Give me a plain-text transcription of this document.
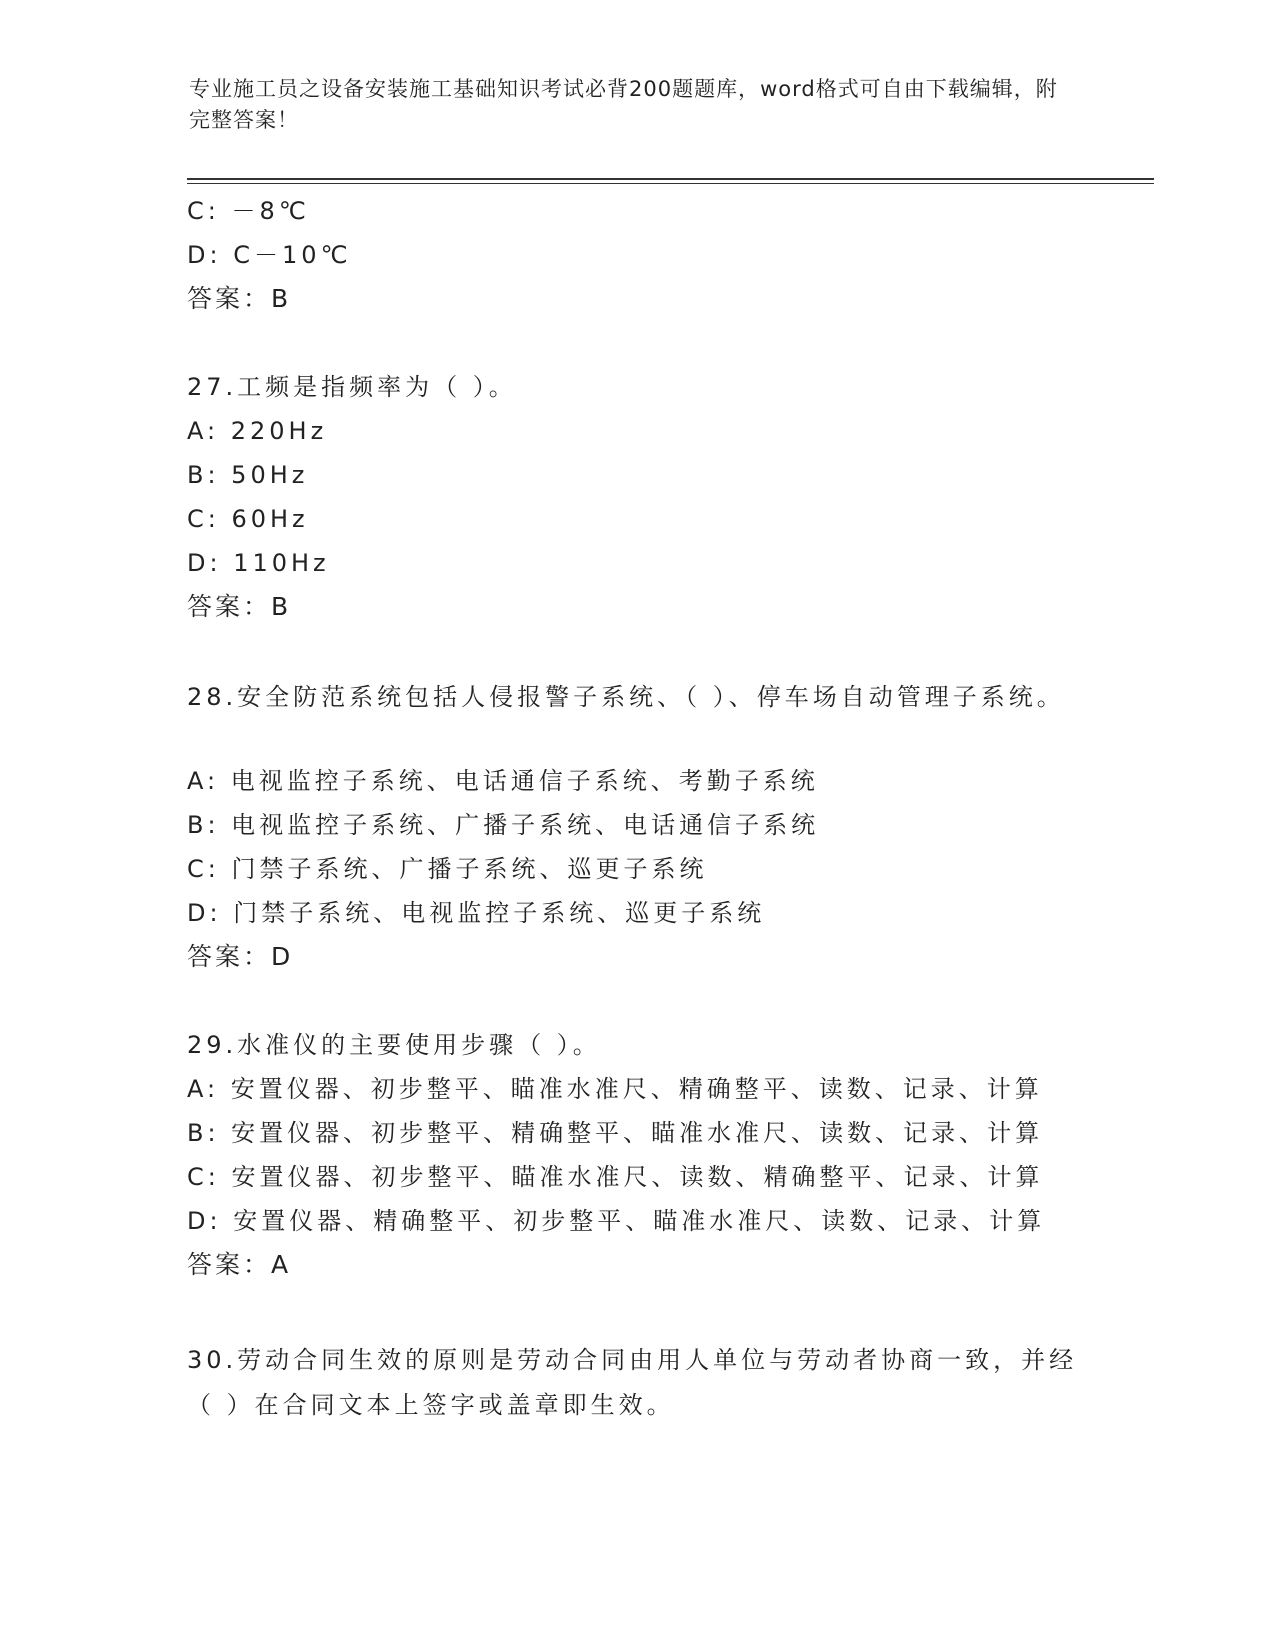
专业施工员之设备安装施工基础知识考试必背200题题库，word格式可自由下载编辑，附完整答案！
C: －8℃
D: C－10℃
答案：B
27.工频是指频率为（ ）。
A: 220Hz
B: 50Hz
C: 60Hz
D: 110Hz
答案：B
28.安全防范系统包括人侵报警子系统、（ ）、停车场自动管理子系统。
A: 电视监控子系统、电话通信子系统、考勤子系统
B: 电视监控子系统、广播子系统、电话通信子系统
C: 门禁子系统、广播子系统、巡更子系统
D: 门禁子系统、电视监控子系统、巡更子系统
答案：D
29.水准仪的主要使用步骤（ ）。
A: 安置仪器、初步整平、瞄准水准尺、精确整平、读数、记录、计算
B: 安置仪器、初步整平、精确整平、瞄准水准尺、读数、记录、计算
C: 安置仪器、初步整平、瞄准水准尺、读数、精确整平、记录、计算
D: 安置仪器、精确整平、初步整平、瞄准水准尺、读数、记录、计算
答案：A
30.劳动合同生效的原则是劳动合同由用人单位与劳动者协商一致，并经（ ）在合同文本上签字或盖章即生效。
